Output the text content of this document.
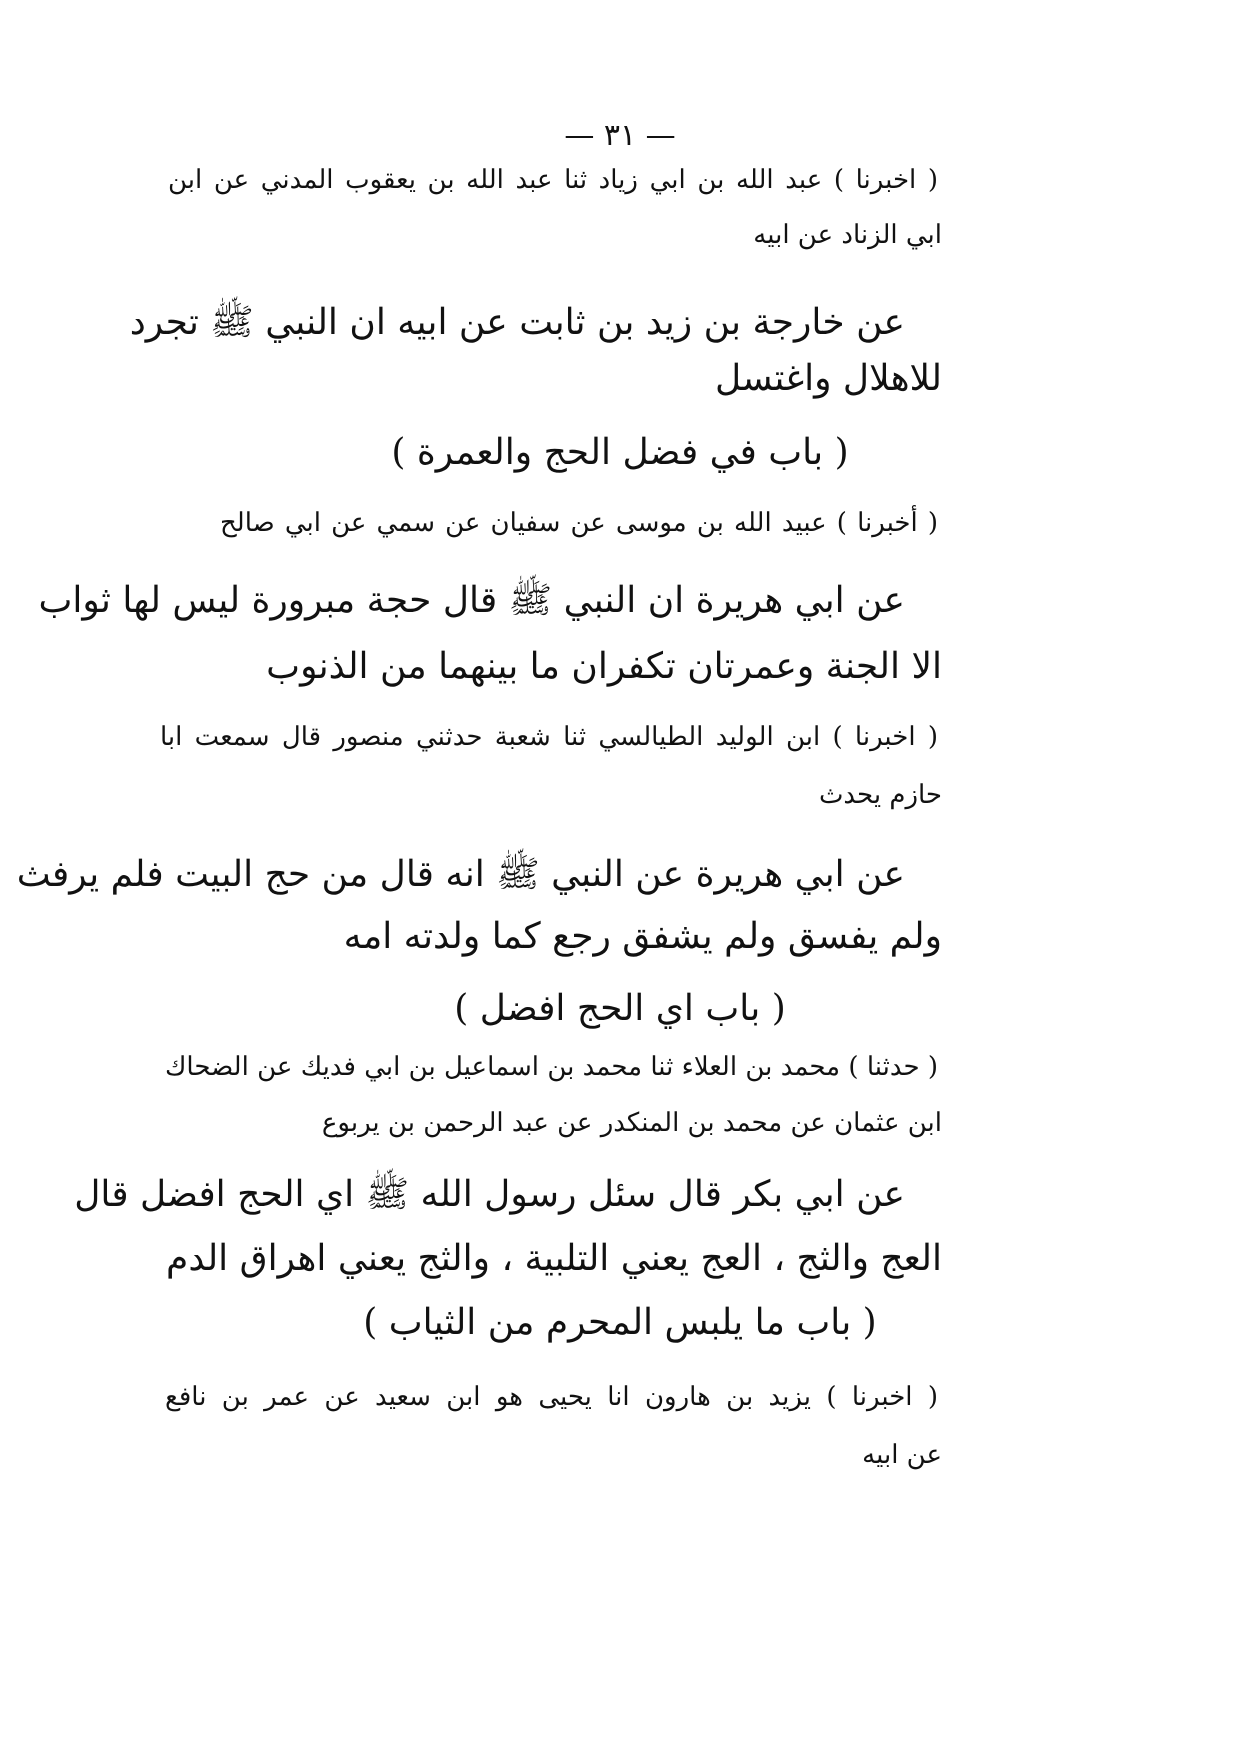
— ٣١ —
( اخبرنا ) عبد الله بن ابي زياد ثنا عبد الله بن يعقوب المدني عن ابن
ابي الزناد عن ابيه
عن خارجة بن زيد بن ثابت عن ابيه ان النبي ﷺ تجرد
للاهلال واغتسل
( باب في فضل الحج والعمرة )
( أخبرنا ) عبيد الله بن موسى عن سفيان عن سمي عن ابي صالح
عن ابي هريرة ان النبي ﷺ قال حجة مبرورة ليس لها ثواب
الا الجنة وعمرتان تكفران ما بينهما من الذنوب
( اخبرنا ) ابن الوليد الطيالسي ثنا شعبة حدثني منصور قال سمعت ابا
حازم يحدث
عن ابي هريرة عن النبي ﷺ انه قال من حج البيت فلم يرفث
ولم يفسق ولم يشفق رجع كما ولدته امه
( باب اي الحج افضل )
( حدثنا ) محمد بن العلاء ثنا محمد بن اسماعيل بن ابي فديك عن الضحاك
ابن عثمان عن محمد بن المنكدر عن عبد الرحمن بن يربوع
عن ابي بكر قال سئل رسول الله ﷺ اي الحج افضل قال
العج والثج ، العج يعني التلبية ، والثج يعني اهراق الدم
( باب ما يلبس المحرم من الثياب )
( اخبرنا ) يزيد بن هارون انا يحيى هو ابن سعيد عن عمر بن نافع
عن ابيه
